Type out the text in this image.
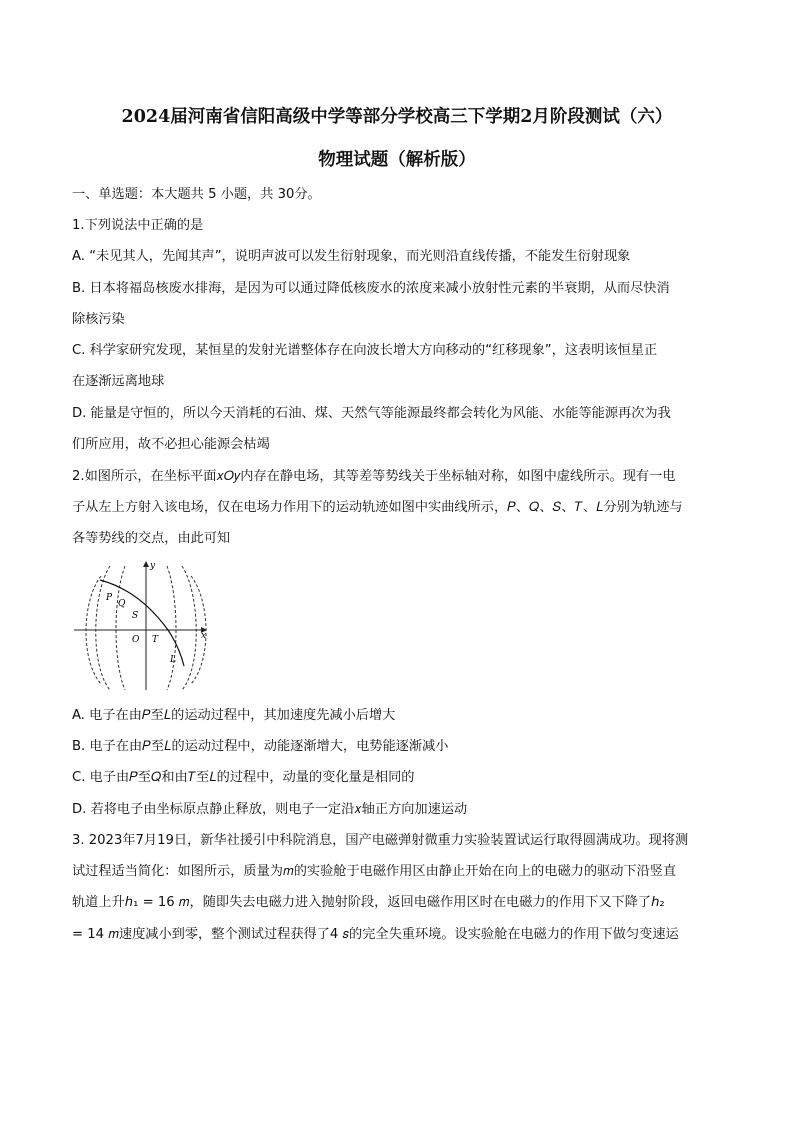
2024届河南省信阳高级中学等部分学校高三下学期2月阶段测试（六）
物理试题（解析版）
一、单选题：本大题共 5 小题，共 30分。
1.下列说法中正确的是
A. “未见其人，先闻其声”，说明声波可以发生衍射现象，而光则沿直线传播，不能发生衍射现象
B. 日本将福岛核废水排海，是因为可以通过降低核废水的浓度来减小放射性元素的半衰期，从而尽快消
除核污染
C. 科学家研究发现，某恒星的发射光谱整体存在向波长增大方向移动的“红移现象”，这表明该恒星正
在逐渐远离地球
D. 能量是守恒的，所以今天消耗的石油、煤、天然气等能源最终都会转化为风能、水能等能源再次为我
们所应用，故不必担心能源会枯竭
2.如图所示，在坐标平面𝑥𝑂𝑦内存在静电场，其等差等势线关于坐标轴对称，如图中虚线所示。现有一电
子从左上方射入该电场，仅在电场力作用下的运动轨迹如图中实曲线所示，𝑃、𝑄、𝑆、𝑇、𝐿分别为轨迹与
各等势线的交点，由此可知
y
x
O
P
Q
S
T
L
A. 电子在由𝑃至𝐿的运动过程中，其加速度先减小后增大
B. 电子在由𝑃至𝐿的运动过程中，动能逐渐增大，电势能逐渐减小
C. 电子由𝑃至𝑄和由𝑇至𝐿的过程中，动量的变化量是相同的
D. 若将电子由坐标原点静止释放，则电子一定沿𝑥轴正方向加速运动
3. 2023年7月19日，新华社援引中科院消息，国产电磁弹射微重力实验装置试运行取得圆满成功。现将测
试过程适当简化：如图所示，质量为𝑚的实验舱于电磁作用区由静止开始在向上的电磁力的驱动下沿竖直
轨道上升ℎ₁ = 16 𝑚，随即失去电磁力进入抛射阶段，返回电磁作用区时在电磁力的作用下又下降了ℎ₂
= 14 𝑚速度减小到零，整个测试过程获得了4 𝑠的完全失重环境。设实验舱在电磁力的作用下做匀变速运
